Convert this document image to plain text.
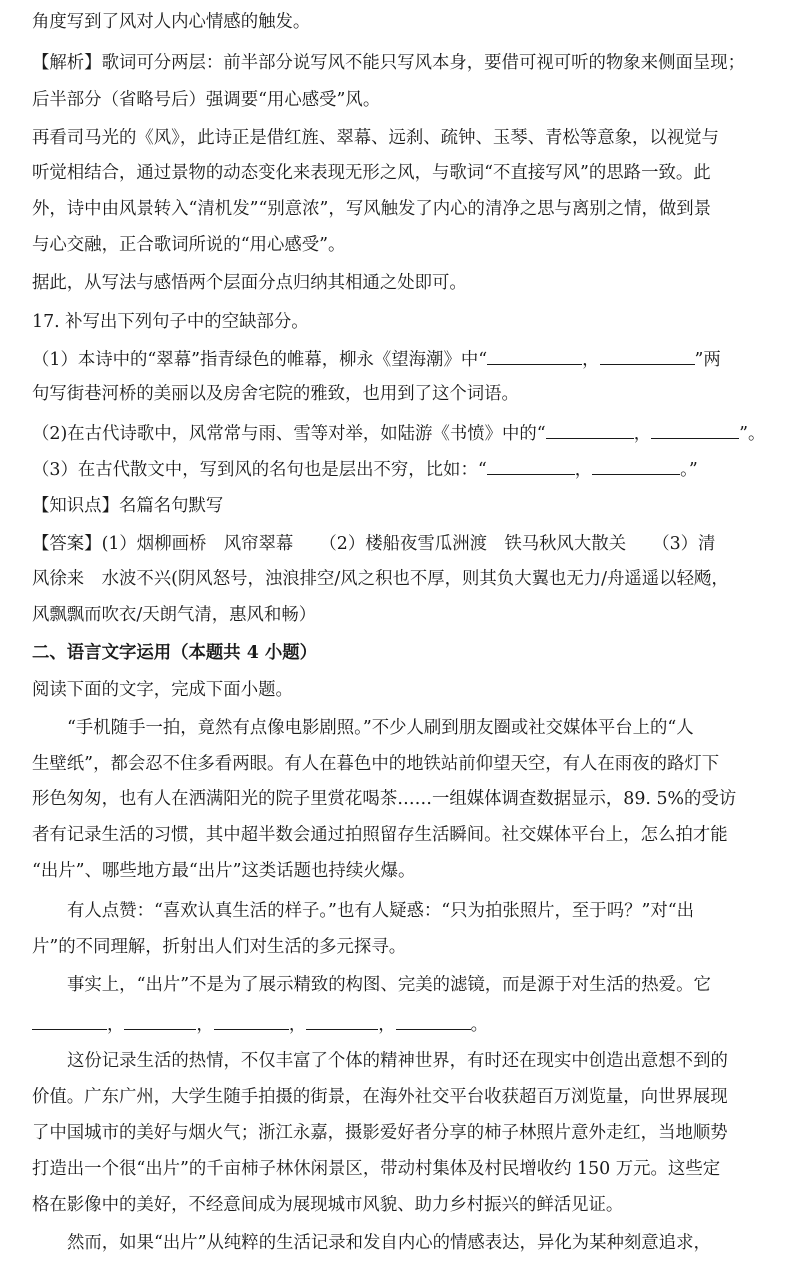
角度写到了风对人内心情感的触发。
【解析】歌词可分两层：前半部分说写风不能只写风本身，要借可视可听的物象来侧面呈现；
后半部分（省略号后）强调要“用心感受”风。
再看司马光的《风》，此诗正是借红旌、翠幕、远刹、疏钟、玉琴、青松等意象，以视觉与
听觉相结合，通过景物的动态变化来表现无形之风，与歌词“不直接写风”的思路一致。此
外，诗中由风景转入“清机发”“别意浓”，写风触发了内心的清净之思与离别之情，做到景
与心交融，正合歌词所说的“用心感受”。
据此，从写法与感悟两个层面分点归纳其相通之处即可。
17. 补写出下列句子中的空缺部分。
（1）本诗中的“翠幕”指青绿色的帷幕，柳永《望海潮》中“	，	”两
句写街巷河桥的美丽以及房舍宅院的雅致，也用到了这个词语。
（2)在古代诗歌中，风常常与雨、雪等对举，如陆游《书愤》中的“	，	”。
（3）在古代散文中，写到风的名句也是层出不穷，比如：“	，	。”
【知识点】名篇名句默写
【答案】(1）烟柳画桥　风帘翠幕　　（2）楼船夜雪瓜洲渡　铁马秋风大散关　　（3）清
风徐来　水波不兴(阴风怒号，浊浪排空/风之积也不厚，则其负大翼也无力/舟遥遥以轻飏，
风飘飘而吹衣/天朗气清，惠风和畅）
二、语言文字运用（本题共 4 小题）
阅读下面的文字，完成下面小题。
“手机随手一拍，竟然有点像电影剧照。”不少人刷到朋友圈或社交媒体平台上的“人
生壁纸”，都会忍不住多看两眼。有人在暮色中的地铁站前仰望天空，有人在雨夜的路灯下
形色匆匆，也有人在洒满阳光的院子里赏花喝茶……一组媒体调查数据显示，89. 5%的受访
者有记录生活的习惯，其中超半数会通过拍照留存生活瞬间。社交媒体平台上，怎么拍才能
“出片”、哪些地方最“出片”这类话题也持续火爆。
有人点赞：“喜欢认真生活的样子。”也有人疑惑：“只为拍张照片，至于吗？”对“出
片”的不同理解，折射出人们对生活的多元探寻。
事实上，“出片”不是为了展示精致的构图、完美的滤镜，而是源于对生活的热爱。它
，	，	，	，	。
这份记录生活的热情，不仅丰富了个体的精神世界，有时还在现实中创造出意想不到的
价值。广东广州，大学生随手拍摄的街景，在海外社交平台收获超百万浏览量，向世界展现
了中国城市的美好与烟火气；浙江永嘉，摄影爱好者分享的柿子林照片意外走红，当地顺势
打造出一个很“出片”的千亩柿子林休闲景区，带动村集体及村民增收约 150 万元。这些定
格在影像中的美好，不经意间成为展现城市风貌、助力乡村振兴的鲜活见证。
然而，如果“出片”从纯粹的生活记录和发自内心的情感表达，异化为某种刻意追求，
